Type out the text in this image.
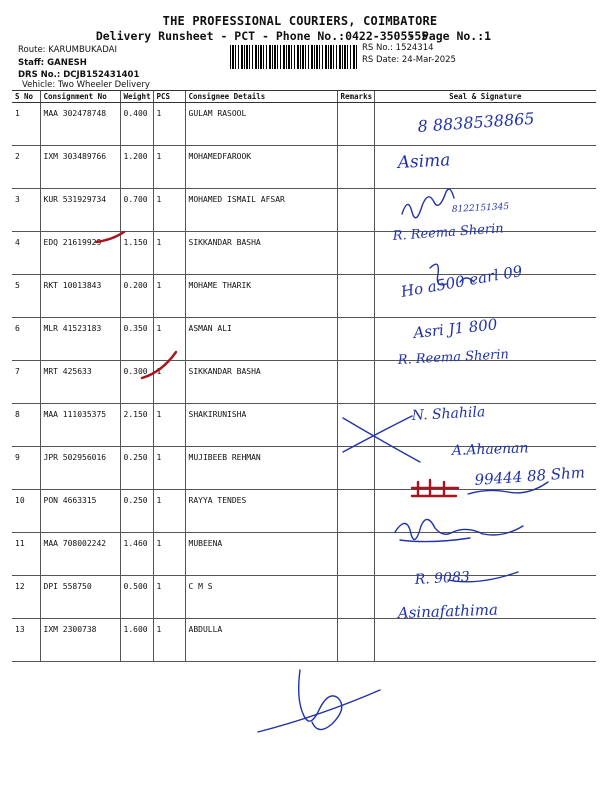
THE PROFESSIONAL COURIERS, COIMBATORE
Delivery Runsheet - PCT - Phone No.:0422-3505555
- Page No.:1
Route: KARUMBUKADAI
Staff: GANESH
DRS No.: DCJB152431401
Vehicle: Two Wheeler Delivery
RS No.: 1524314
RS Date: 24-Mar-2025
S No	Consignment No	Weight	PCS	Consignee Details	Remarks	Seal & Signature
1	MAA 302478748	0.400	1	GULAM RASOOL		
2	IXM 303489766	1.200	1	MOHAMEDFAROOK		
3	KUR 531929734	0.700	1	MOHAMED ISMAIL AFSAR		
4	EDQ 21619929	1.150	1	SIKKANDAR BASHA		
5	RKT 10013843	0.200	1	MOHAME THARIK		
6	MLR 41523183	0.350	1	ASMAN ALI		
7	MRT 425633	0.300	1	SIKKANDAR BASHA		
8	MAA 111035375	2.150	1	SHAKIRUNISHA		
9	JPR 502956016	0.250	1	MUJIBEEB REHMAN		
10	PON 4663315	0.250	1	RAYYA TENDES		
11	MAA 708002242	1.460	1	MUBEENA		
12	DPI 558750	0.500	1	C M S		
13	IXM 2300738	1.600	1	ABDULLA		
8 8838538865
Asima
8122151345
R. Reema Sherin
Ho a500 earl 09
Asri J1 800
R. Reema Sherin
N. Shahila
A.Ahaenan
99444 88 Shm
R. 9083
Asinafathima
